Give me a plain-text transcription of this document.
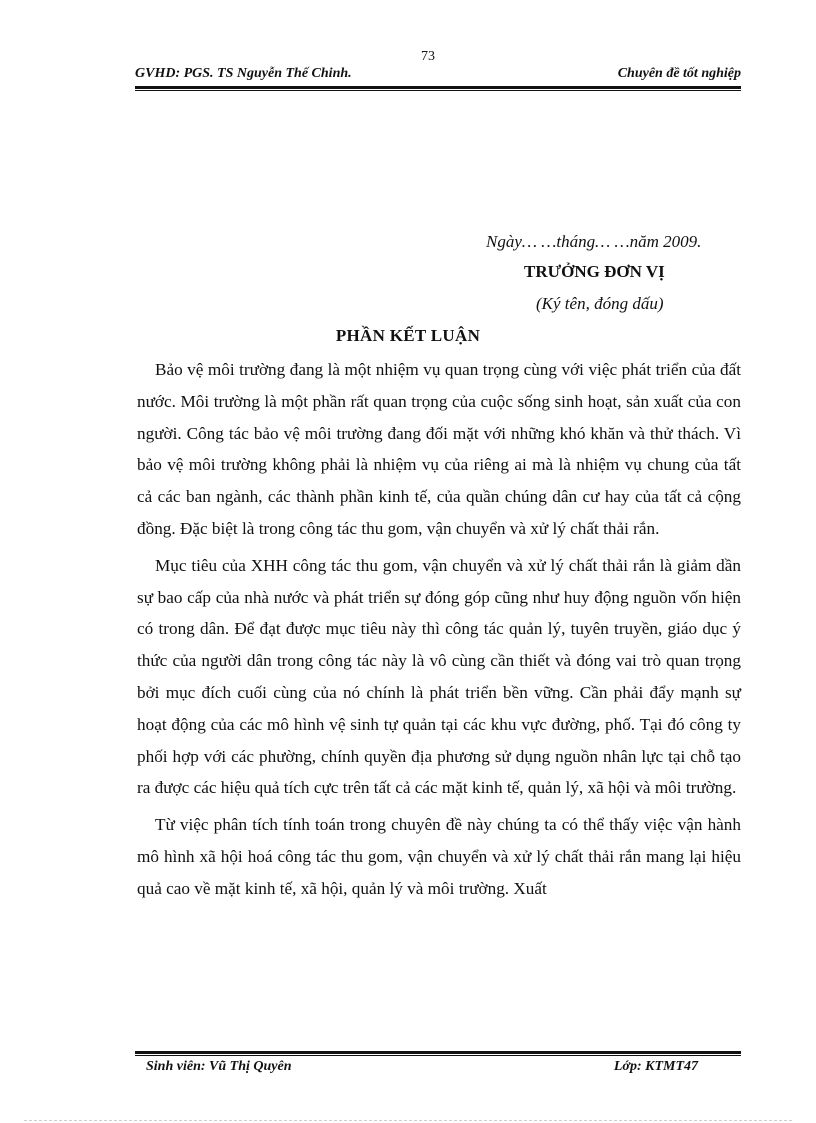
73
GVHD: PGS. TS Nguyễn Thế Chinh.	Chuyên đề tốt nghiệp
Ngày… …tháng… …năm 2009.
TRƯỞNG ĐƠN VỊ
(Ký tên, đóng dấu)
PHẦN KẾT LUẬN

Bảo vệ môi trường đang là một nhiệm vụ quan trọng cùng với việc phát triển của đất nước. Môi trường là một phần rất quan trọng của cuộc sống sinh hoạt, sản xuất của con người. Công tác bảo vệ môi trường đang đối mặt với những khó khăn và thử thách. Vì bảo vệ môi trường không phải là nhiệm vụ của riêng ai mà là nhiệm vụ chung của tất cả các ban ngành, các thành phần kinh tế, của quần chúng dân cư hay của tất cả cộng đồng. Đặc biệt là trong công tác thu gom, vận chuyển và xử lý chất thải rắn.

Mục tiêu của XHH công tác thu gom, vận chuyển và xử lý chất thải rắn là giảm dần sự bao cấp của nhà nước và phát triển sự đóng góp cũng như huy động nguồn vốn hiện có trong dân. Để đạt được mục tiêu này thì công tác quản lý, tuyên truyền, giáo dục ý thức của người dân trong công tác này là vô cùng cần thiết và đóng vai trò quan trọng bởi mục đích cuối cùng của nó chính là phát triển bền vững. Cần phải đẩy mạnh sự hoạt động của các mô hình vệ sinh tự quản tại các khu vực đường, phố. Tại đó công ty phối hợp với các phường, chính quyền địa phương sử dụng nguồn nhân lực tại chỗ tạo ra được các hiệu quả tích cực trên tất cả các mặt kinh tế, quản lý, xã hội và môi trường.

Từ việc phân tích tính toán trong chuyên đề này chúng ta có thể thấy việc vận hành mô hình xã hội hoá công tác thu gom, vận chuyển và xử lý chất thải rắn mang lại hiệu quả cao về mặt kinh tế, xã hội, quản lý và môi trường. Xuất

Sinh viên: Vũ Thị Quyên	Lớp: KTMT47
